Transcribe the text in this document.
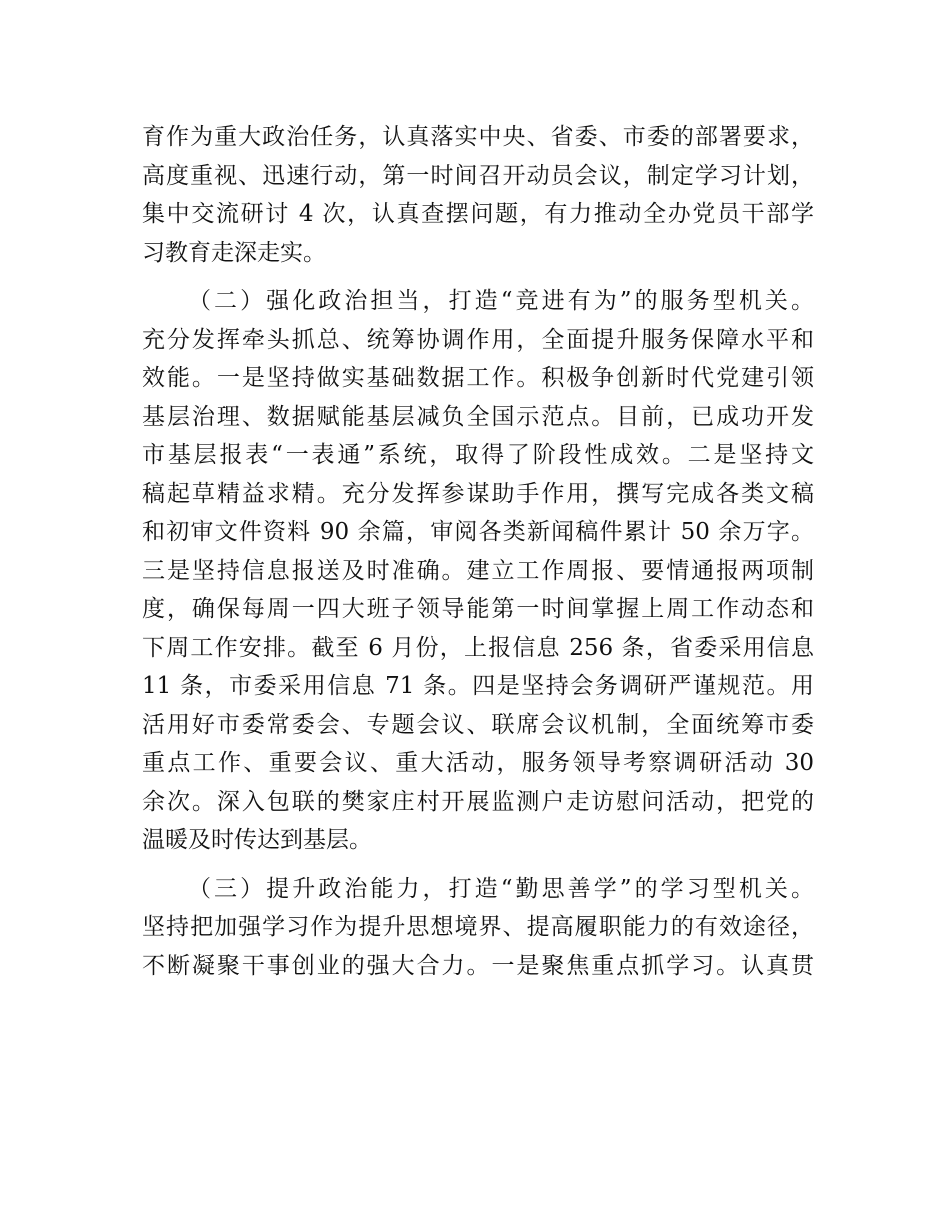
育作为重大政治任务，认真落实中央、省委、市委的部署要求，
高度重视、迅速行动，第一时间召开动员会议，制定学习计划，
集中交流研讨 4 次，认真查摆问题，有力推动全办党员干部学
习教育走深走实。
（二）强化政治担当，打造“竞进有为”的服务型机关。
充分发挥牵头抓总、统筹协调作用，全面提升服务保障水平和
效能。一是坚持做实基础数据工作。积极争创新时代党建引领
基层治理、数据赋能基层减负全国示范点。目前，已成功开发
市基层报表“一表通”系统，取得了阶段性成效。二是坚持文
稿起草精益求精。充分发挥参谋助手作用，撰写完成各类文稿
和初审文件资料 90 余篇，审阅各类新闻稿件累计 50 余万字。
三是坚持信息报送及时准确。建立工作周报、要情通报两项制
度，确保每周一四大班子领导能第一时间掌握上周工作动态和
下周工作安排。截至 6 月份，上报信息 256 条，省委采用信息
11 条，市委采用信息 71 条。四是坚持会务调研严谨规范。用
活用好市委常委会、专题会议、联席会议机制，全面统筹市委
重点工作、重要会议、重大活动，服务领导考察调研活动 30
余次。深入包联的樊家庄村开展监测户走访慰问活动，把党的
温暖及时传达到基层。
（三）提升政治能力，打造“勤思善学”的学习型机关。
坚持把加强学习作为提升思想境界、提高履职能力的有效途径，
不断凝聚干事创业的强大合力。一是聚焦重点抓学习。认真贯
